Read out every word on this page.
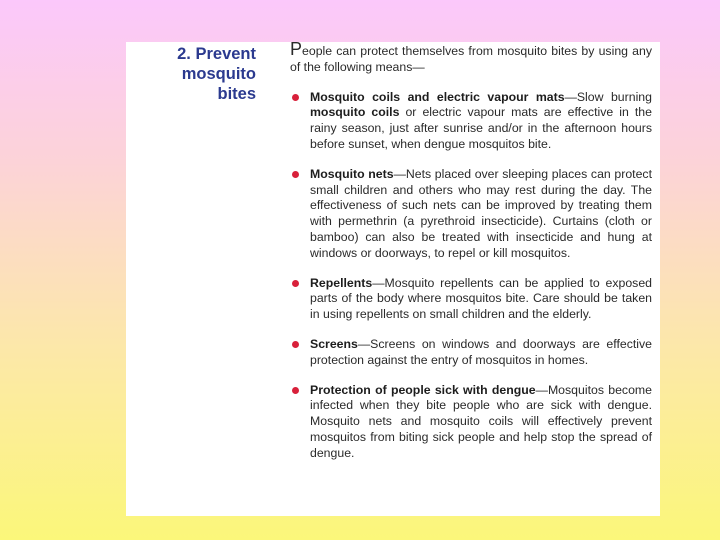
2. Prevent
mosquito
bites

People can protect themselves from mosquito bites by using any of the following means—

Mosquito coils and electric vapour mats—Slow burning mosquito coils or electric vapour mats are effective in the rainy season, just after sunrise and/or in the afternoon hours before sunset, when dengue mosquitos bite.
Mosquito nets—Nets placed over sleeping places can protect small children and others who may rest during the day. The effectiveness of such nets can be improved by treating them with permethrin (a pyrethroid insecticide). Curtains (cloth or bamboo) can also be treated with insecticide and hung at windows or doorways, to repel or kill mosquitos.
Repellents—Mosquito repellents can be applied to exposed parts of the body where mosquitos bite. Care should be taken in using repellents on small children and the elderly.
Screens—Screens on windows and doorways are effective protection against the entry of mosquitos in homes.
Protection of people sick with dengue—Mosquitos become infected when they bite people who are sick with dengue. Mosquito nets and mosquito coils will effectively prevent mosquitos from biting sick people and help stop the spread of dengue.
